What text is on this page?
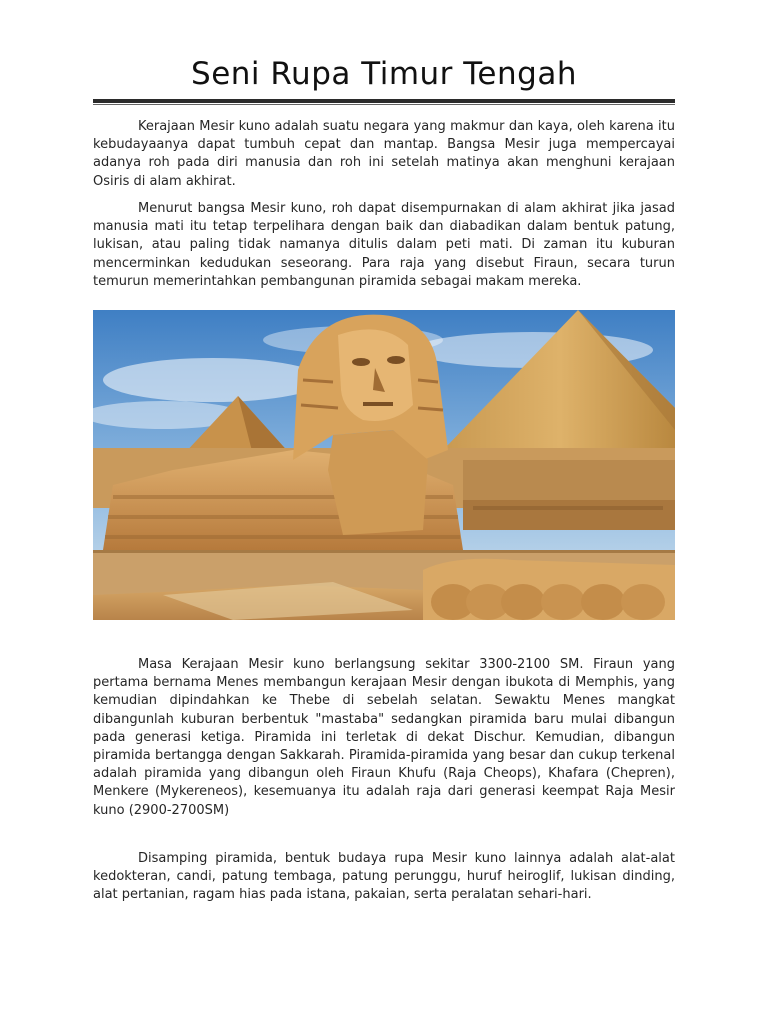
Seni Rupa Timur Tengah

Kerajaan Mesir kuno adalah suatu negara yang makmur dan kaya, oleh karena itu kebudayaanya dapat tumbuh cepat dan mantap. Bangsa Mesir juga mempercayai adanya roh pada diri manusia dan roh ini setelah matinya akan menghuni kerajaan Osiris di alam akhirat.

Menurut bangsa Mesir kuno, roh dapat disempurnakan di alam akhirat jika jasad manusia mati itu tetap terpelihara dengan baik dan diabadikan dalam bentuk patung, lukisan, atau paling tidak namanya ditulis dalam peti mati. Di zaman itu kuburan mencerminkan kedudukan seseorang. Para raja yang disebut Firaun, secara turun temurun memerintahkan pembangunan piramida sebagai makam mereka.

Masa Kerajaan Mesir kuno berlangsung sekitar 3300-2100 SM. Firaun yang pertama bernama Menes membangun kerajaan Mesir dengan ibukota di Memphis, yang kemudian dipindahkan ke Thebe di sebelah selatan. Sewaktu Menes mangkat dibangunlah kuburan berbentuk "mastaba" sedangkan piramida baru mulai dibangun pada generasi ketiga. Piramida ini terletak di dekat Dischur. Kemudian, dibangun piramida bertangga dengan Sakkarah. Piramida-piramida yang besar dan cukup terkenal adalah piramida yang dibangun oleh Firaun Khufu (Raja Cheops), Khafara (Chepren), Menkere (Mykereneos), kesemuanya itu adalah raja dari generasi keempat Raja Mesir kuno (2900-2700SM)

Disamping piramida, bentuk budaya rupa Mesir kuno lainnya adalah alat-alat kedokteran, candi, patung tembaga, patung perunggu, huruf heiroglif, lukisan dinding, alat pertanian, ragam hias pada istana, pakaian, serta peralatan sehari-hari.
